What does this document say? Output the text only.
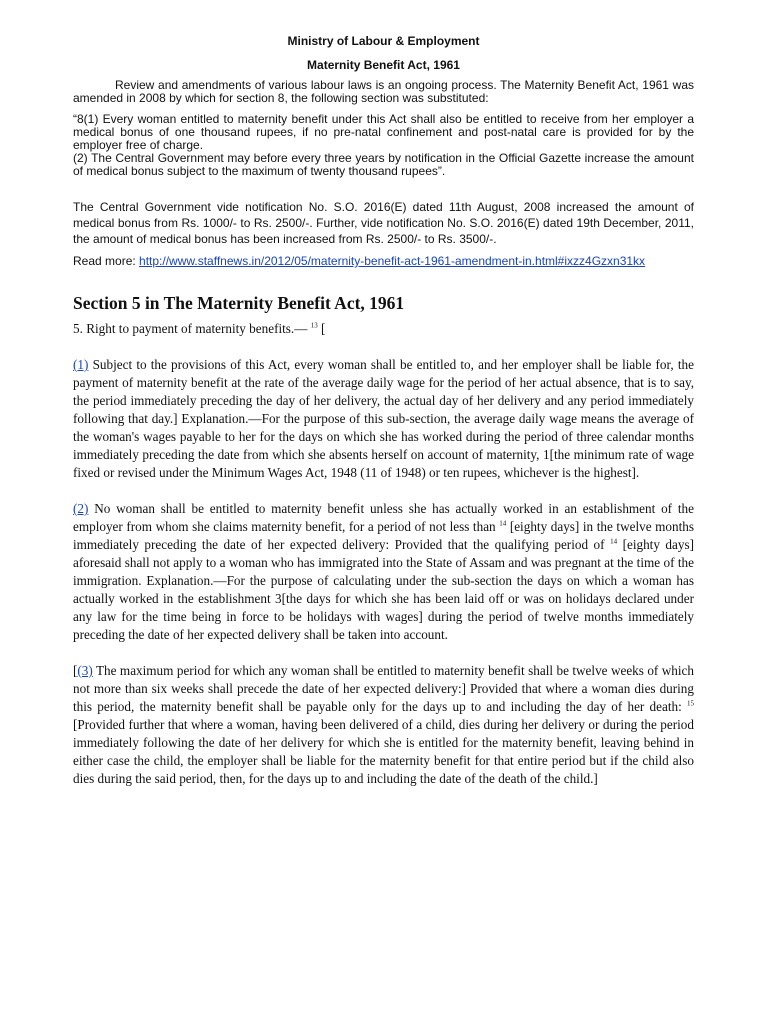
Ministry of Labour & Employment

Maternity Benefit Act, 1961

Review and amendments of various labour laws is an ongoing process. The Maternity Benefit Act, 1961 was amended in 2008 by which for section 8, the following section was substituted:

“8(1) Every woman entitled to maternity benefit under this Act shall also be entitled to receive from her employer a medical bonus of one thousand rupees, if no pre-natal confinement and post-natal care is provided for by the employer free of charge.

(2) The Central Government may before every three years by notification in the Official Gazette increase the amount of medical bonus subject to the maximum of twenty thousand rupees”.

The Central Government vide notification No. S.O. 2016(E) dated 11th August, 2008 increased the amount of medical bonus from Rs. 1000/- to Rs. 2500/-. Further, vide notification No. S.O. 2016(E) dated 19th December, 2011, the amount of medical bonus has been increased from Rs. 2500/- to Rs. 3500/-.

Read more: http://www.staffnews.in/2012/05/maternity-benefit-act-1961-amendment-in.html#ixzz4Gzxn31kx

Section 5 in The Maternity Benefit Act, 1961

5. Right to payment of maternity benefits.— $^{13}$ [

(1) Subject to the provisions of this Act, every woman shall be entitled to, and her employer shall be liable for, the payment of maternity benefit at the rate of the average daily wage for the period of her actual absence, that is to say, the period immediately preceding the day of her delivery, the actual day of her delivery and any period immediately following that day.] Explanation.—For the purpose of this sub-section, the average daily wage means the average of the woman's wages payable to her for the days on which she has worked during the period of three calendar months immediately preceding the date from which she absents herself on account of maternity, 1[the minimum rate of wage fixed or revised under the Minimum Wages Act, 1948 (11 of 1948) or ten rupees, whichever is the highest].

(2) No woman shall be entitled to maternity benefit unless she has actually worked in an establishment of the employer from whom she claims maternity benefit, for a period of not less than $^{14}$ [eighty days] in the twelve months immediately preceding the date of her expected delivery: Provided that the qualifying period of $^{14}$ [eighty days] aforesaid shall not apply to a woman who has immigrated into the State of Assam and was pregnant at the time of the immigration. Explanation.—For the purpose of calculating under the sub-section the days on which a woman has actually worked in the establishment 3[the days for which she has been laid off or was on holidays declared under any law for the time being in force to be holidays with wages] during the period of twelve months immediately preceding the date of her expected delivery shall be taken into account.

[(3) The maximum period for which any woman shall be entitled to maternity benefit shall be twelve weeks of which not more than six weeks shall precede the date of her expected delivery:] Provided that where a woman dies during this period, the maternity benefit shall be payable only for the days up to and including the day of her death: $^{15}$ [Provided further that where a woman, having been delivered of a child, dies during her delivery or during the period immediately following the date of her delivery for which she is entitled for the maternity benefit, leaving behind in either case the child, the employer shall be liable for the maternity benefit for that entire period but if the child also dies during the said period, then, for the days up to and including the date of the death of the child.]
